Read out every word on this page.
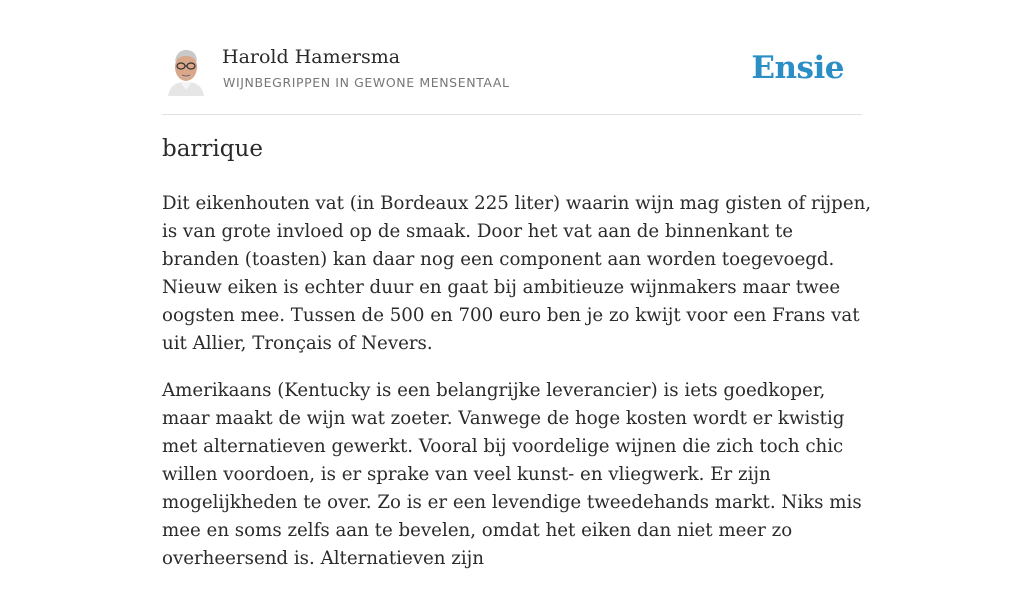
Harold Hamersma
WIJNBEGRIPPEN IN GEWONE MENSENTAAL	Ensie
barrique

Dit eikenhouten vat (in Bordeaux 225 liter) waarin wijn mag gisten of rijpen, is van grote invloed op de smaak. Door het vat aan de binnenkant te branden (toasten) kan daar nog een component aan worden toegevoegd. Nieuw eiken is echter duur en gaat bij ambitieuze wijnmakers maar twee oogsten mee. Tussen de 500 en 700 euro ben je zo kwijt voor een Frans vat uit Allier, Tronçais of Nevers.

Amerikaans (Kentucky is een belangrijke leverancier) is iets goedkoper, maar maakt de wijn wat zoeter. Vanwege de hoge kosten wordt er kwistig met alternatieven gewerkt. Vooral bij voordelige wijnen die zich toch chic willen voordoen, is er sprake van veel kunst- en vliegwerk. Er zijn mogelijkheden te over. Zo is er een levendige tweedehands markt. Niks mis mee en soms zelfs aan te bevelen, omdat het eiken dan niet meer zo overheersend is. Alternatieven zijn
